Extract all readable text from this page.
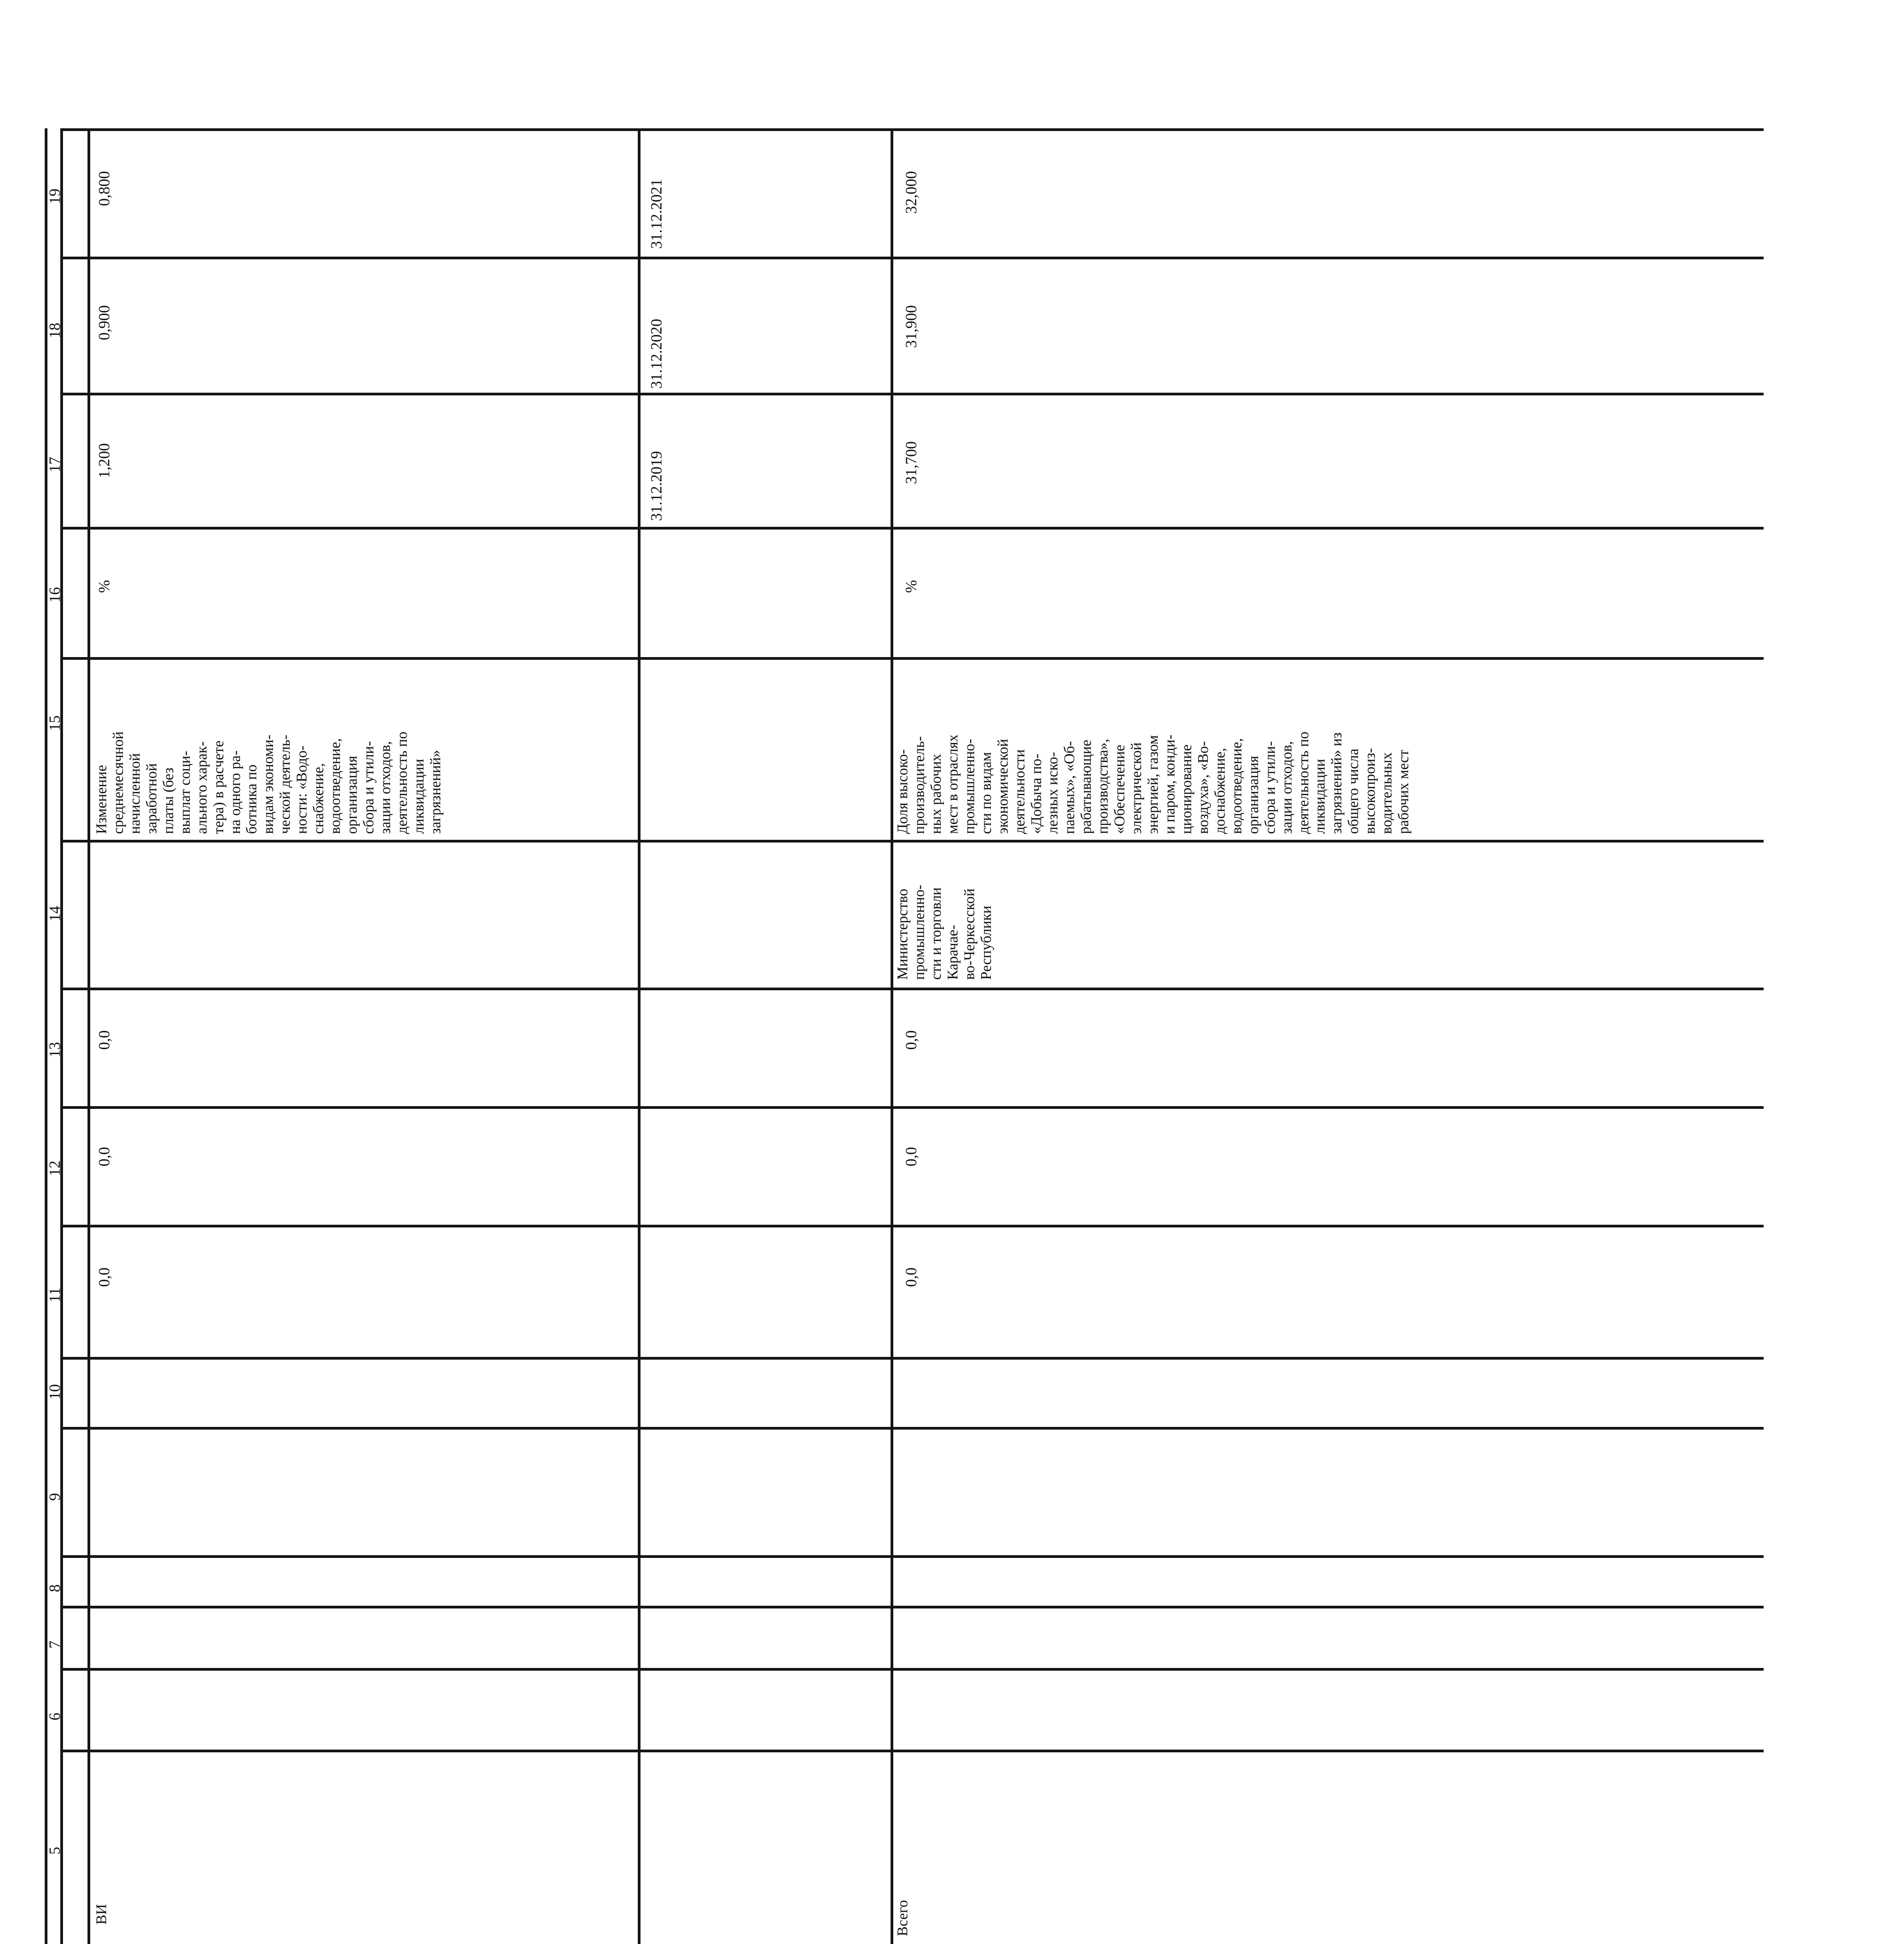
5
6
7
8
9
10
11
12
13
14
15
16
17
18
19
ВИ
0,0
0,0
0,0
Изменение
среднемесячной
начисленной
заработной
платы (без
выплат соци-
ального харак-
тера) в расчете
на одного ра-
ботника по
видам экономи-
ческой деятель-
ности: «Водо-
снабжение,
водоотведение,
организация
сбора и утили-
зации отходов,
деятельность по
ликвидации
загрязнений»
%
1,200
0,900
0,800
31.12.2019
31.12.2020
31.12.2021
Всего
0,0
0,0
0,0
Министерство
промышленно-
сти и торговли
Карачае-
во-Черкесской
Республики
Доля высоко-
производитель-
ных рабочих
мест в отраслях
промышленно-
сти по видам
экономической
деятельности
«Добыча по-
лезных иско-
паемых», «Об-
рабатывающие
производства»,
«Обеспечение
электрической
энергией, газом
и паром, конди-
ционирование
воздуха», «Во-
доснабжение,
водоотведение,
организация
сбора и утили-
зации отходов,
деятельность по
ликвидации
загрязнений» из
общего числа
высокопроиз-
водительных
рабочих мест
%
31,700
31,900
32,000
